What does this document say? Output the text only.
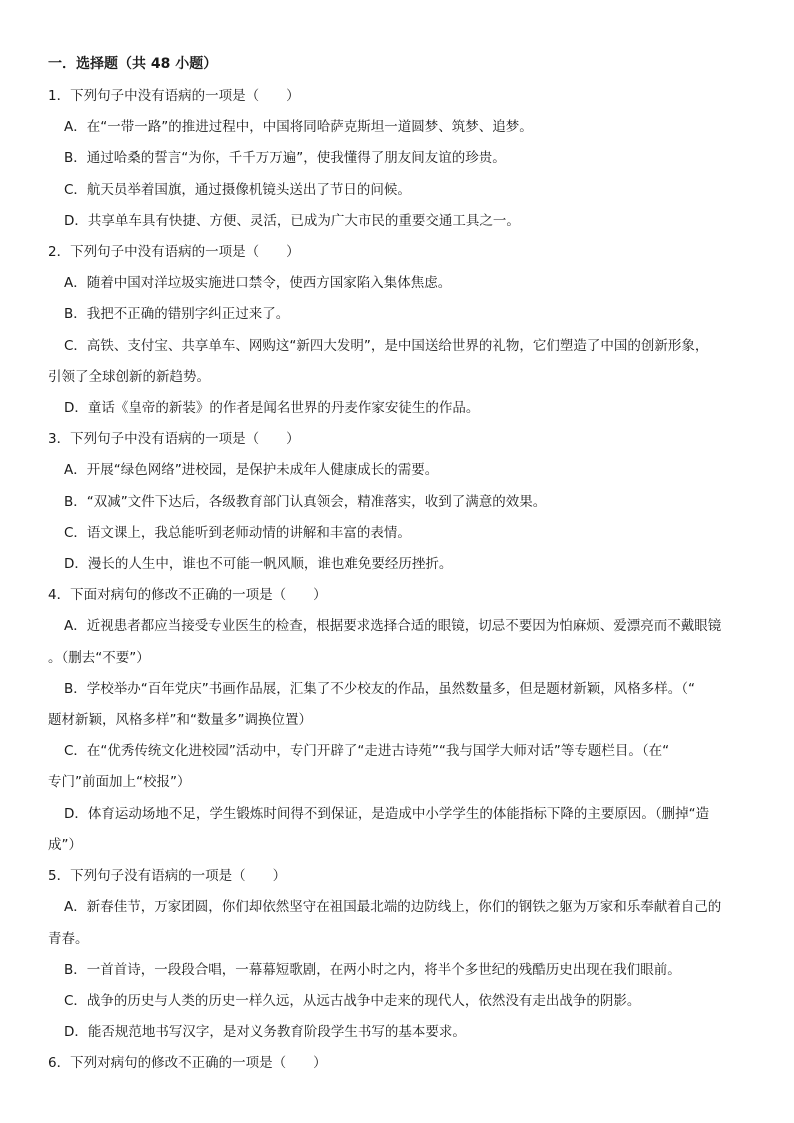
一．选择题（共 48 小题）
1．下列句子中没有语病的一项是（　　）
A．在“一带一路”的推进过程中，中国将同哈萨克斯坦一道圆梦、筑梦、追梦。
B．通过哈桑的誓言“为你，千千万万遍”，使我懂得了朋友间友谊的珍贵。
C．航天员举着国旗，通过摄像机镜头送出了节日的问候。
D．共享单车具有快捷、方便、灵活，已成为广大市民的重要交通工具之一。
2．下列句子中没有语病的一项是（　　）
A．随着中国对洋垃圾实施进口禁令，使西方国家陷入集体焦虑。
B．我把不正确的错别字纠正过来了。
C．高铁、支付宝、共享单车、网购这“新四大发明”，是中国送给世界的礼物，它们塑造了中国的创新形象，
引领了全球创新的新趋势。
D．童话《皇帝的新装》的作者是闻名世界的丹麦作家安徒生的作品。
3．下列句子中没有语病的一项是（　　）
A．开展“绿色网络”进校园，是保护未成年人健康成长的需要。
B．“双减”文件下达后，各级教育部门认真领会，精准落实，收到了满意的效果。
C．语文课上，我总能听到老师动情的讲解和丰富的表情。
D．漫长的人生中，谁也不可能一帆风顺，谁也难免要经历挫折。
4．下面对病句的修改不正确的一项是（　　）
A．近视患者都应当接受专业医生的检查，根据要求选择合适的眼镜，切忌不要因为怕麻烦、爱漂亮而不戴眼镜
。（删去“不要”）
B．学校举办“百年党庆”书画作品展，汇集了不少校友的作品，虽然数量多，但是题材新颖，风格多样。（“
题材新颖，风格多样”和“数量多”调换位置）
C．在“优秀传统文化进校园”活动中，专门开辟了“走进古诗苑”“我与国学大师对话”等专题栏目。（在“
专门”前面加上“校报”）
D．体育运动场地不足，学生锻炼时间得不到保证，是造成中小学学生的体能指标下降的主要原因。（删掉“造
成”）
5．下列句子没有语病的一项是（　　）
A．新春佳节，万家团圆，你们却依然坚守在祖国最北端的边防线上，你们的钢铁之躯为万家和乐奉献着自己的
青春。
B．一首首诗，一段段合唱，一幕幕短歌剧，在两小时之内，将半个多世纪的残酷历史出现在我们眼前。
C．战争的历史与人类的历史一样久远，从远古战争中走来的现代人，依然没有走出战争的阴影。
D．能否规范地书写汉字，是对义务教育阶段学生书写的基本要求。
6．下列对病句的修改不正确的一项是（　　）
